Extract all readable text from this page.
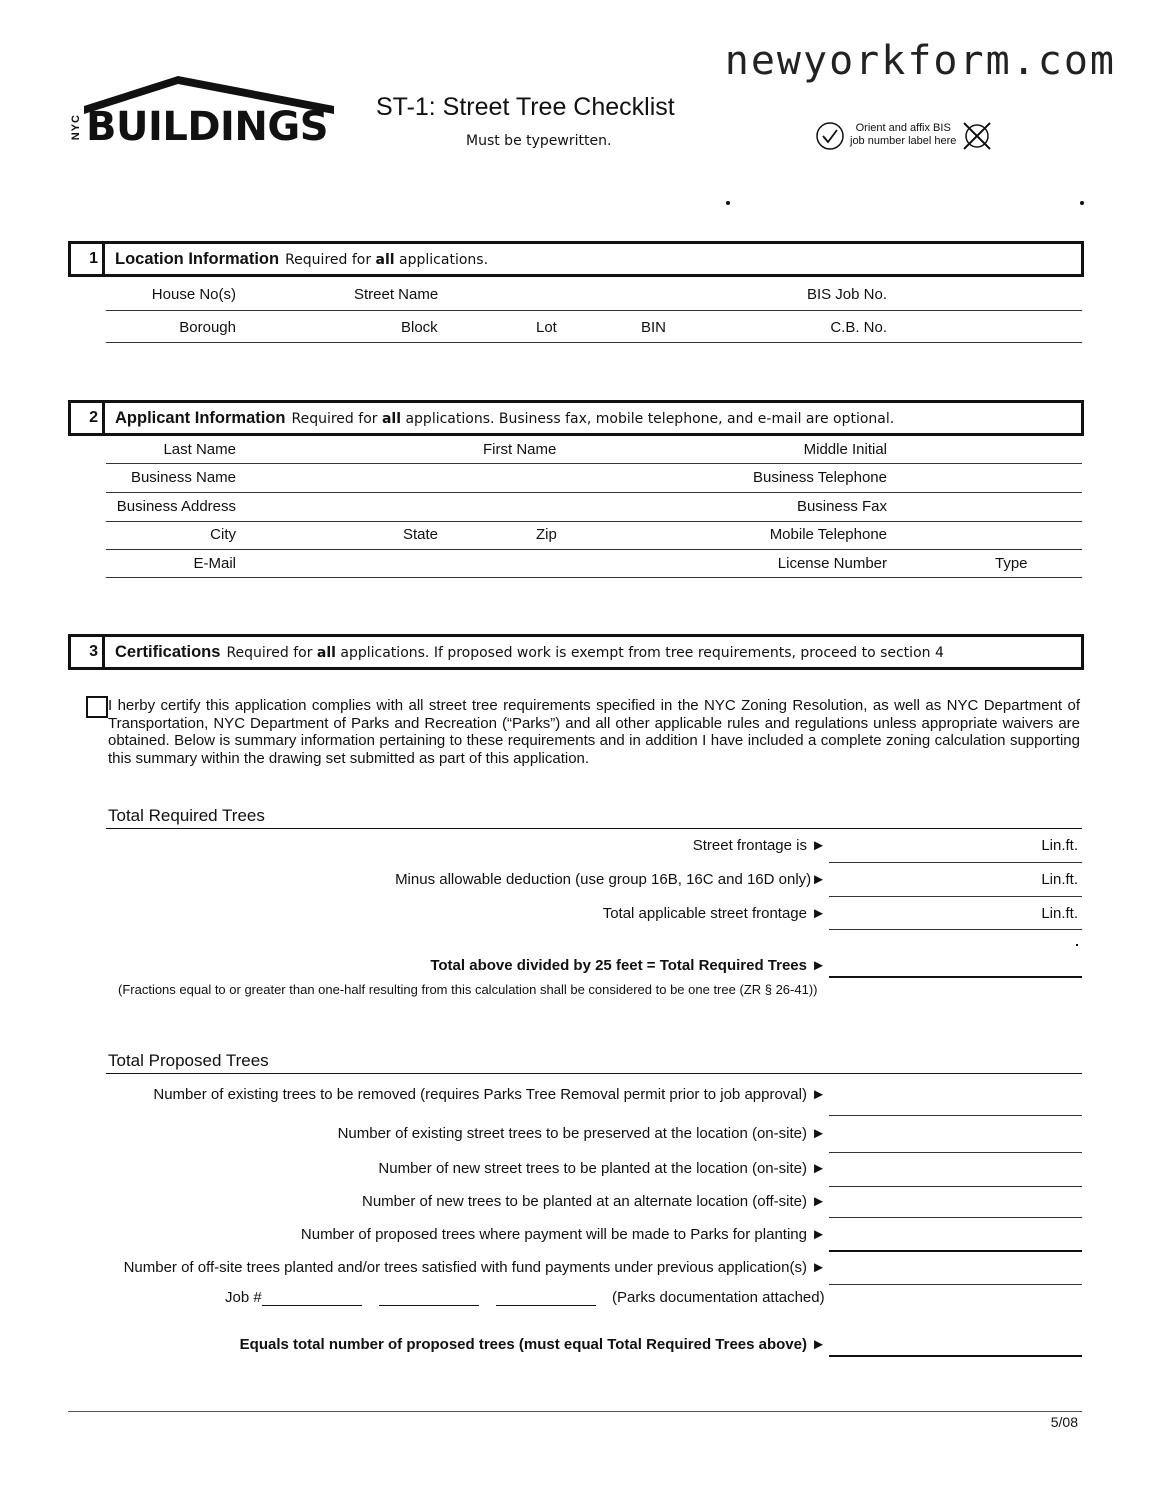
newyorkform.com
NYC BUILDINGS ST-1: Street Tree Checklist
Must be typewritten.
Orient and affix BIS
job number label here
1	Location Information Required for all applications.
House No(s)	Street Name	BIS Job No.
Borough	Block	Lot	BIN	C.B. No.
2	Applicant Information Required for all applications. Business fax, mobile telephone, and e-mail are optional.
Last Name	First Name	Middle Initial
Business Name	Business Telephone
Business Address	Business Fax
City	State	Zip	Mobile Telephone
E-Mail	License Number	Type
3	Certifications Required for all applications. If proposed work is exempt from tree requirements, proceed to section 4
I herby certify this application complies with all street tree requirements specified in the NYC Zoning Resolution, as well as NYC Department of Transportation, NYC Department of Parks and Recreation (“Parks”) and all other applicable rules and regulations unless appropriate waivers are obtained. Below is summary information pertaining to these requirements and in addition I have included a complete zoning calculation supporting this summary within the drawing set submitted as part of this application.
Total Required Trees
Street frontage is ►	Lin.ft.
Minus allowable deduction (use group 16B, 16C and 16D only)►	Lin.ft.
Total applicable street frontage ►	Lin.ft.
Total above divided by 25 feet = Total Required Trees ►
(Fractions equal to or greater than one-half resulting from this calculation shall be considered to be one tree (ZR § 26-41))
Total Proposed Trees
Number of existing trees to be removed (requires Parks Tree Removal permit prior to job approval) ►
Number of existing street trees to be preserved at the location (on-site) ►
Number of new street trees to be planted at the location (on-site) ►
Number of new trees to be planted at an alternate location (off-site) ►
Number of proposed trees where payment will be made to Parks for planting ►
Number of off-site trees planted and/or trees satisfied with fund payments under previous application(s) ►
Job #	(Parks documentation attached)
Equals total number of proposed trees (must equal Total Required Trees above) ►
5/08
